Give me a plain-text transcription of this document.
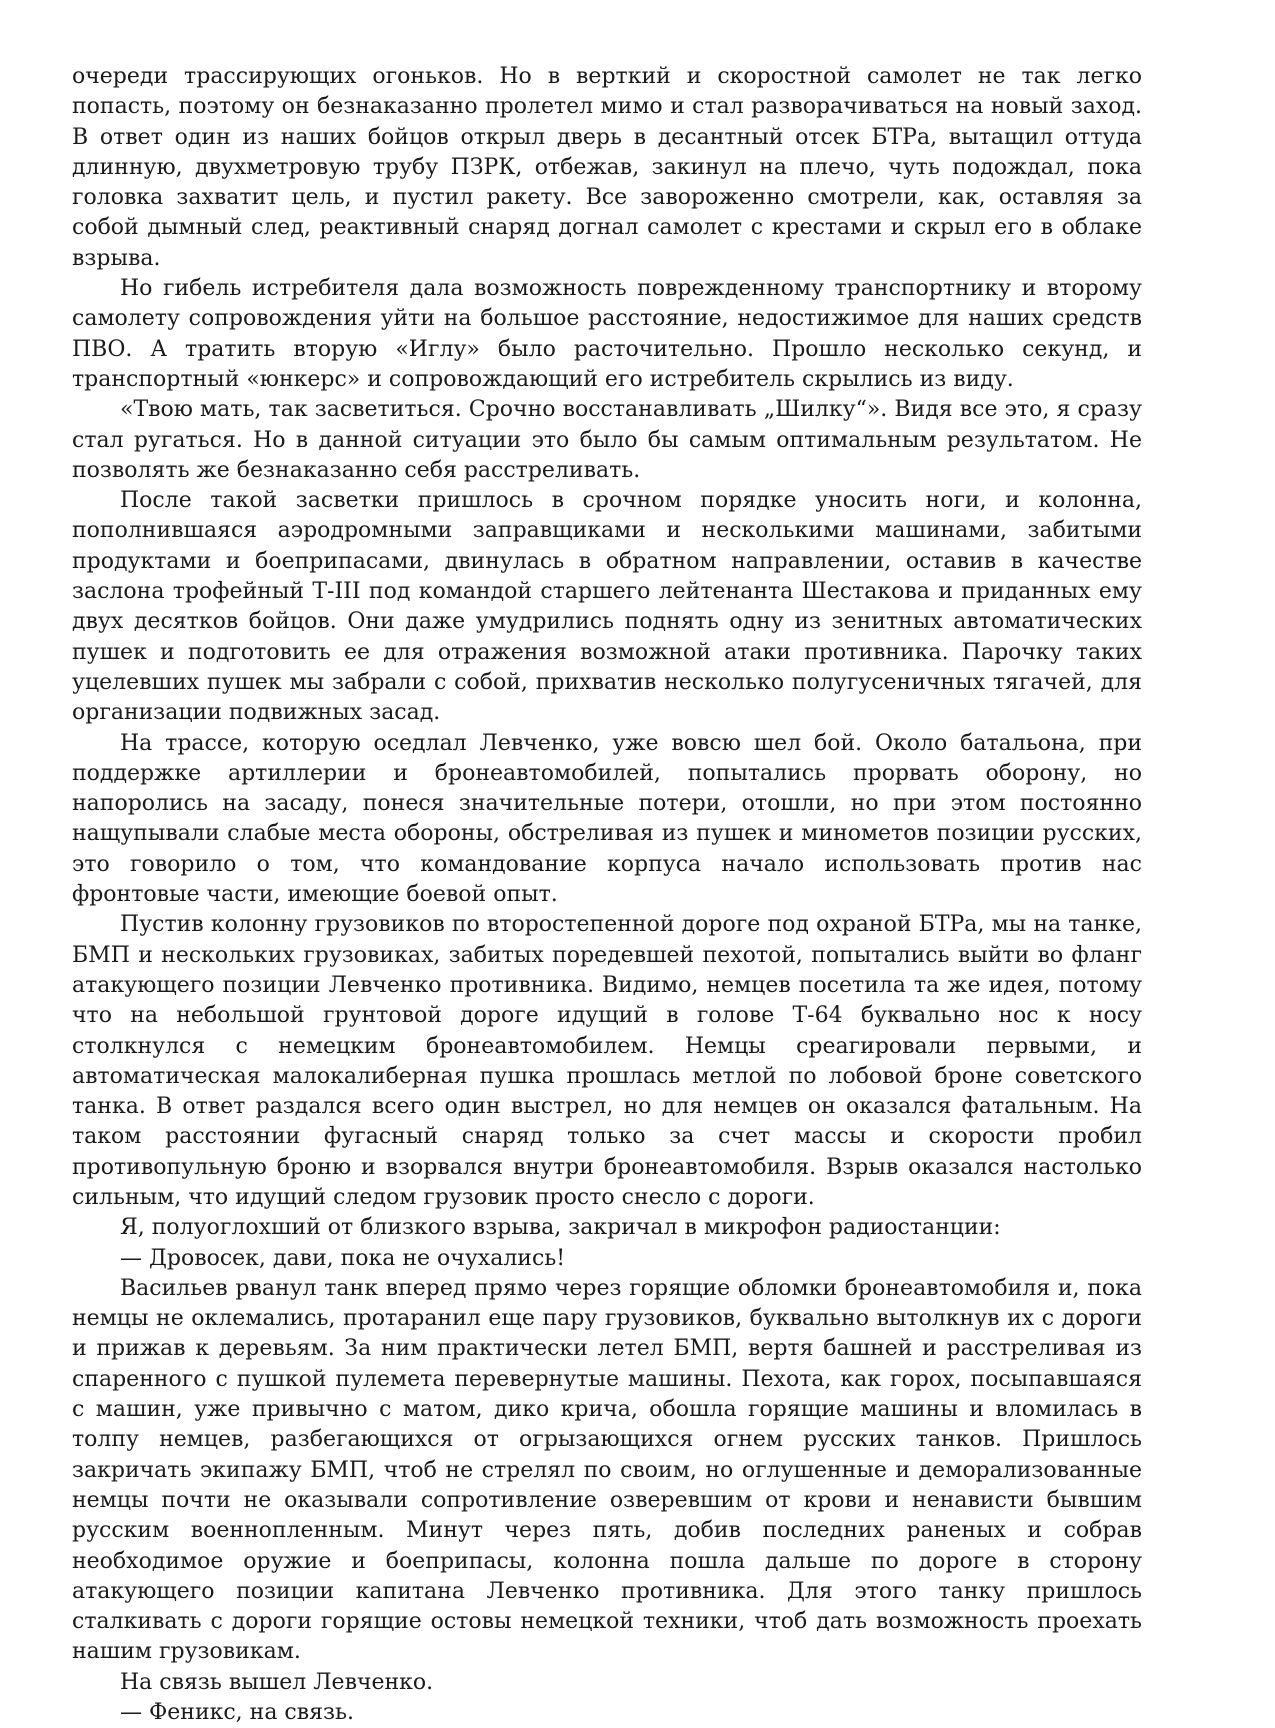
очереди трассирующих огоньков. Но в верткий и скоростной самолет не так легко попасть, поэтому он безнаказанно пролетел мимо и стал разворачиваться на новый заход. В ответ один из наших бойцов открыл дверь в десантный отсек БТРа, вытащил оттуда длинную, двухметровую трубу ПЗРК, отбежав, закинул на плечо, чуть подождал, пока головка захватит цель, и пустил ракету. Все завороженно смотрели, как, оставляя за собой дымный след, реактивный снаряд догнал самолет с крестами и скрыл его в облаке взрыва.

Но гибель истребителя дала возможность поврежденному транспортнику и второму самолету сопровождения уйти на большое расстояние, недостижимое для наших средств ПВО. А тратить вторую «Иглу» было расточительно. Прошло несколько секунд, и транспортный «юнкерс» и сопровождающий его истребитель скрылись из виду.

«Твою мать, так засветиться. Срочно восстанавливать „Шилку“». Видя все это, я сразу стал ругаться. Но в данной ситуации это было бы самым оптимальным результатом. Не позволять же безнаказанно себя расстреливать.

После такой засветки пришлось в срочном порядке уносить ноги, и колонна, пополнившаяся аэродромными заправщиками и несколькими машинами, забитыми продуктами и боеприпасами, двинулась в обратном направлении, оставив в качестве заслона трофейный Т-III под командой старшего лейтенанта Шестакова и приданных ему двух десятков бойцов. Они даже умудрились поднять одну из зенитных автоматических пушек и подготовить ее для отражения возможной атаки противника. Парочку таких уцелевших пушек мы забрали с собой, прихватив несколько полугусеничных тягачей, для организации подвижных засад.

На трассе, которую оседлал Левченко, уже вовсю шел бой. Около батальона, при поддержке артиллерии и бронеавтомобилей, попытались прорвать оборону, но напоролись на засаду, понеся значительные потери, отошли, но при этом постоянно нащупывали слабые места обороны, обстреливая из пушек и минометов позиции русских, это говорило о том, что командование корпуса начало использовать против нас фронтовые части, имеющие боевой опыт.

Пустив колонну грузовиков по второстепенной дороге под охраной БТРа, мы на танке, БМП и нескольких грузовиках, забитых поредевшей пехотой, попытались выйти во фланг атакующего позиции Левченко противника. Видимо, немцев посетила та же идея, потому что на небольшой грунтовой дороге идущий в голове Т-64 буквально нос к носу столкнулся с немецким бронеавтомобилем. Немцы среагировали первыми, и автоматическая малокалиберная пушка прошлась метлой по лобовой броне советского танка. В ответ раздался всего один выстрел, но для немцев он оказался фатальным. На таком расстоянии фугасный снаряд только за счет массы и скорости пробил противопульную броню и взорвался внутри бронеавтомобиля. Взрыв оказался настолько сильным, что идущий следом грузовик просто снесло с дороги.

Я, полуоглохший от близкого взрыва, закричал в микрофон радиостанции:

— Дровосек, дави, пока не очухались!

Васильев рванул танк вперед прямо через горящие обломки бронеавтомобиля и, пока немцы не оклемались, протаранил еще пару грузовиков, буквально вытолкнув их с дороги и прижав к деревьям. За ним практически летел БМП, вертя башней и расстреливая из спаренного с пушкой пулемета перевернутые машины. Пехота, как горох, посыпавшаяся с машин, уже привычно с матом, дико крича, обошла горящие машины и вломилась в толпу немцев, разбегающихся от огрызающихся огнем русских танков. Пришлось закричать экипажу БМП, чтоб не стрелял по своим, но оглушенные и деморализованные немцы почти не оказывали сопротивление озверевшим от крови и ненависти бывшим русским военнопленным. Минут через пять, добив последних раненых и собрав необходимое оружие и боеприпасы, колонна пошла дальше по дороге в сторону атакующего позиции капитана Левченко противника. Для этого танку пришлось сталкивать с дороги горящие остовы немецкой техники, чтоб дать возможность проехать нашим грузовикам.

На связь вышел Левченко.

— Феникс, на связь.
